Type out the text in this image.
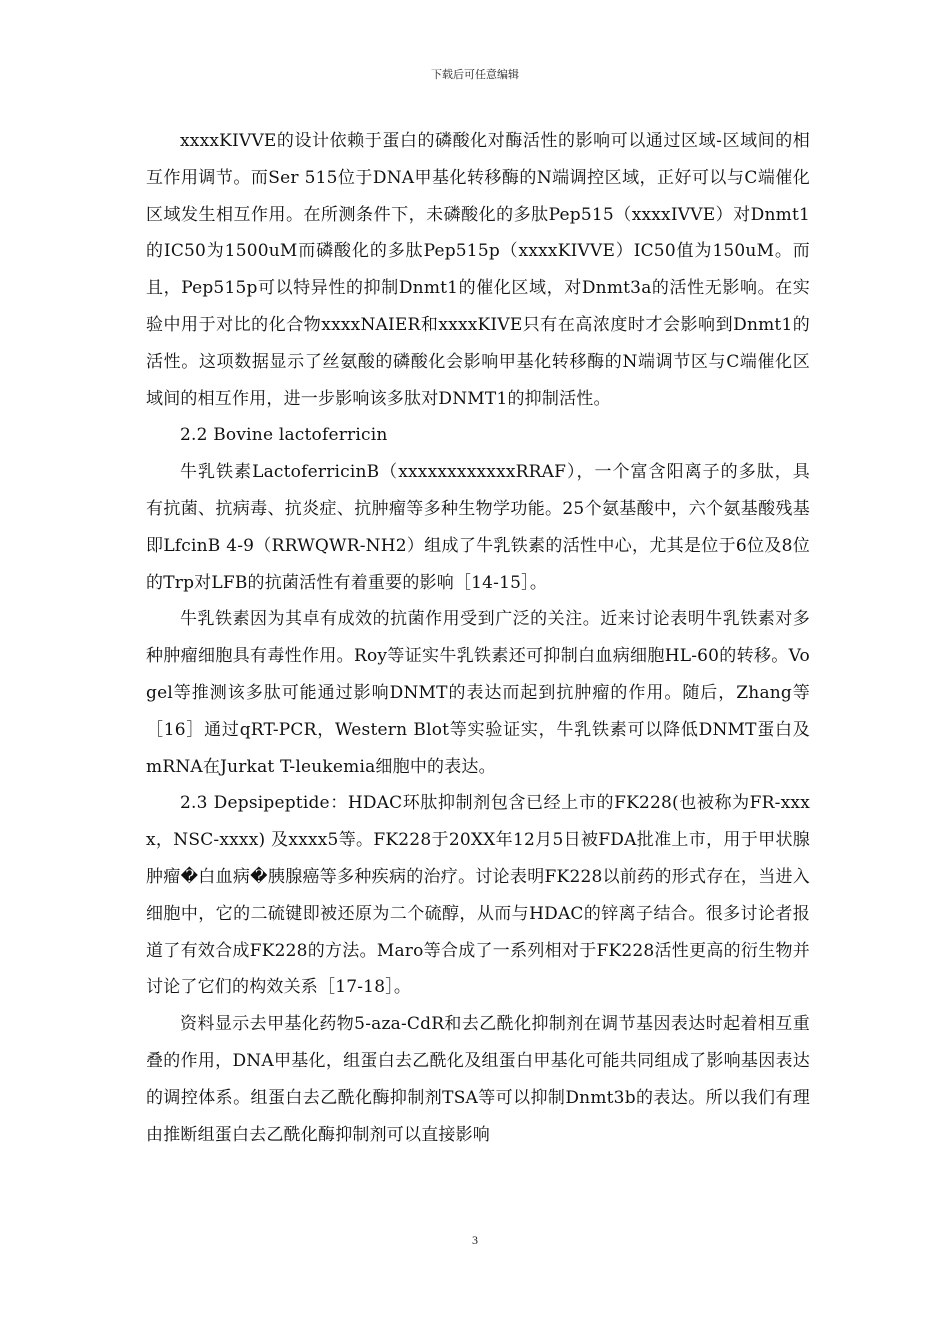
下载后可任意编辑

xxxxKIVVE的设计依赖于蛋白的磷酸化对酶活性的影响可以通过区域-区域间的相互作用调节。而Ser 515位于DNA甲基化转移酶的N端调控区域，正好可以与C端催化区域发生相互作用。在所测条件下，未磷酸化的多肽Pep515（xxxxIVVE）对Dnmt1的IC50为1500uM而磷酸化的多肽Pep515p（xxxxKIVVE）IC50值为150uM。而且，Pep515p可以特异性的抑制Dnmt1的催化区域，对Dnmt3a的活性无影响。在实验中用于对比的化合物xxxxNAIER和xxxxKIVE只有在高浓度时才会影响到Dnmt1的活性。这项数据显示了丝氨酸的磷酸化会影响甲基化转移酶的N端调节区与C端催化区域间的相互作用，进一步影响该多肽对DNMT1的抑制活性。

2.2 Bovine lactoferricin

牛乳铁素LactoferricinB（xxxxxxxxxxxxRRAF），一个富含阳离子的多肽，具有抗菌、抗病毒、抗炎症、抗肿瘤等多种生物学功能。25个氨基酸中，六个氨基酸残基即LfcinB 4-9（RRWQWR-NH2）组成了牛乳铁素的活性中心，尤其是位于6位及8位的Trp对LFB的抗菌活性有着重要的影响［14-15］。

牛乳铁素因为其卓有成效的抗菌作用受到广泛的关注。近来讨论表明牛乳铁素对多种肿瘤细胞具有毒性作用。Roy等证实牛乳铁素还可抑制白血病细胞HL-60的转移。Vogel等推测该多肽可能通过影响DNMT的表达而起到抗肿瘤的作用。随后，Zhang等［16］通过qRT-PCR，Western Blot等实验证实，牛乳铁素可以降低DNMT蛋白及mRNA在Jurkat T-leukemia细胞中的表达。

2.3 Depsipeptide：HDAC环肽抑制剂包含已经上市的FK228(也被称为FR-xxxx，NSC-xxxx) 及xxxx5等。FK228于20XX年12月5日被FDA批准上市，用于甲状腺肿瘤�白血病�胰腺癌等多种疾病的治疗。讨论表明FK228以前药的形式存在，当进入细胞中，它的二硫键即被还原为二个硫醇，从而与HDAC的锌离子结合。很多讨论者报道了有效合成FK228的方法。Maro等合成了一系列相对于FK228活性更高的衍生物并讨论了它们的构效关系［17-18］。

资料显示去甲基化药物5-aza-CdR和去乙酰化抑制剂在调节基因表达时起着相互重叠的作用，DNA甲基化，组蛋白去乙酰化及组蛋白甲基化可能共同组成了影响基因表达的调控体系。组蛋白去乙酰化酶抑制剂TSA等可以抑制Dnmt3b的表达。所以我们有理由推断组蛋白去乙酰化酶抑制剂可以直接影响

3
